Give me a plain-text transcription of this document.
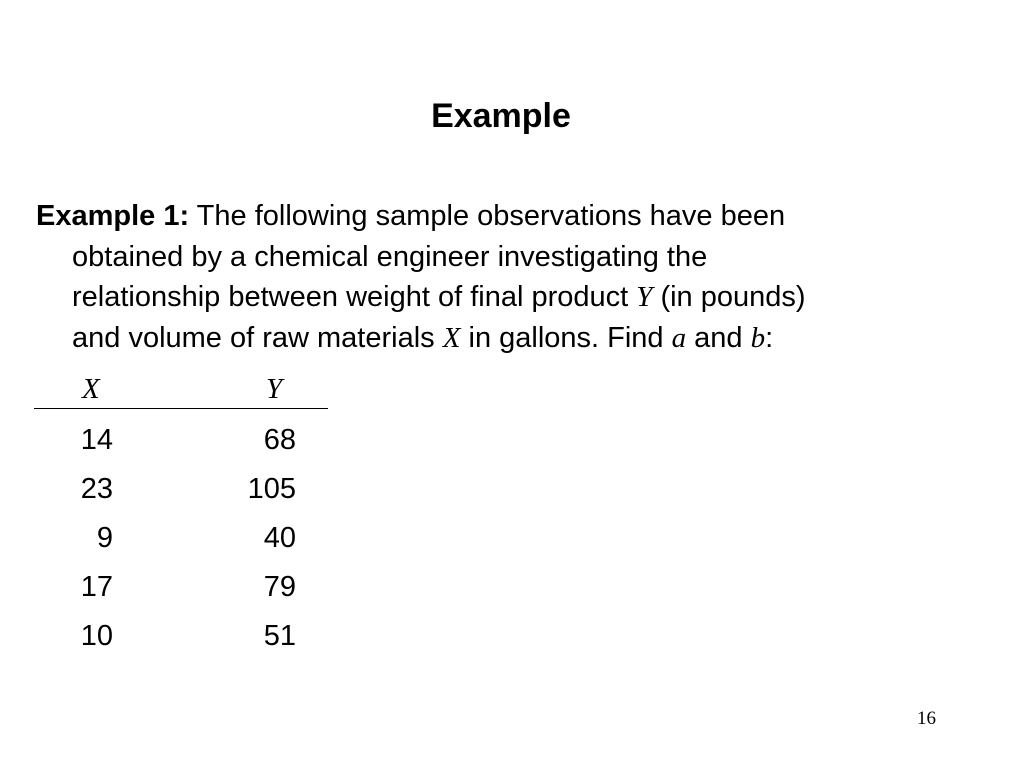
Example
Example 1: The following sample observations have been
obtained by a chemical engineer investigating the
relationship between weight of final product Y (in pounds)
and volume of raw materials X in gallons. Find a and b:
X	Y
14	68
23	105
9	40
17	79
10	51
16
